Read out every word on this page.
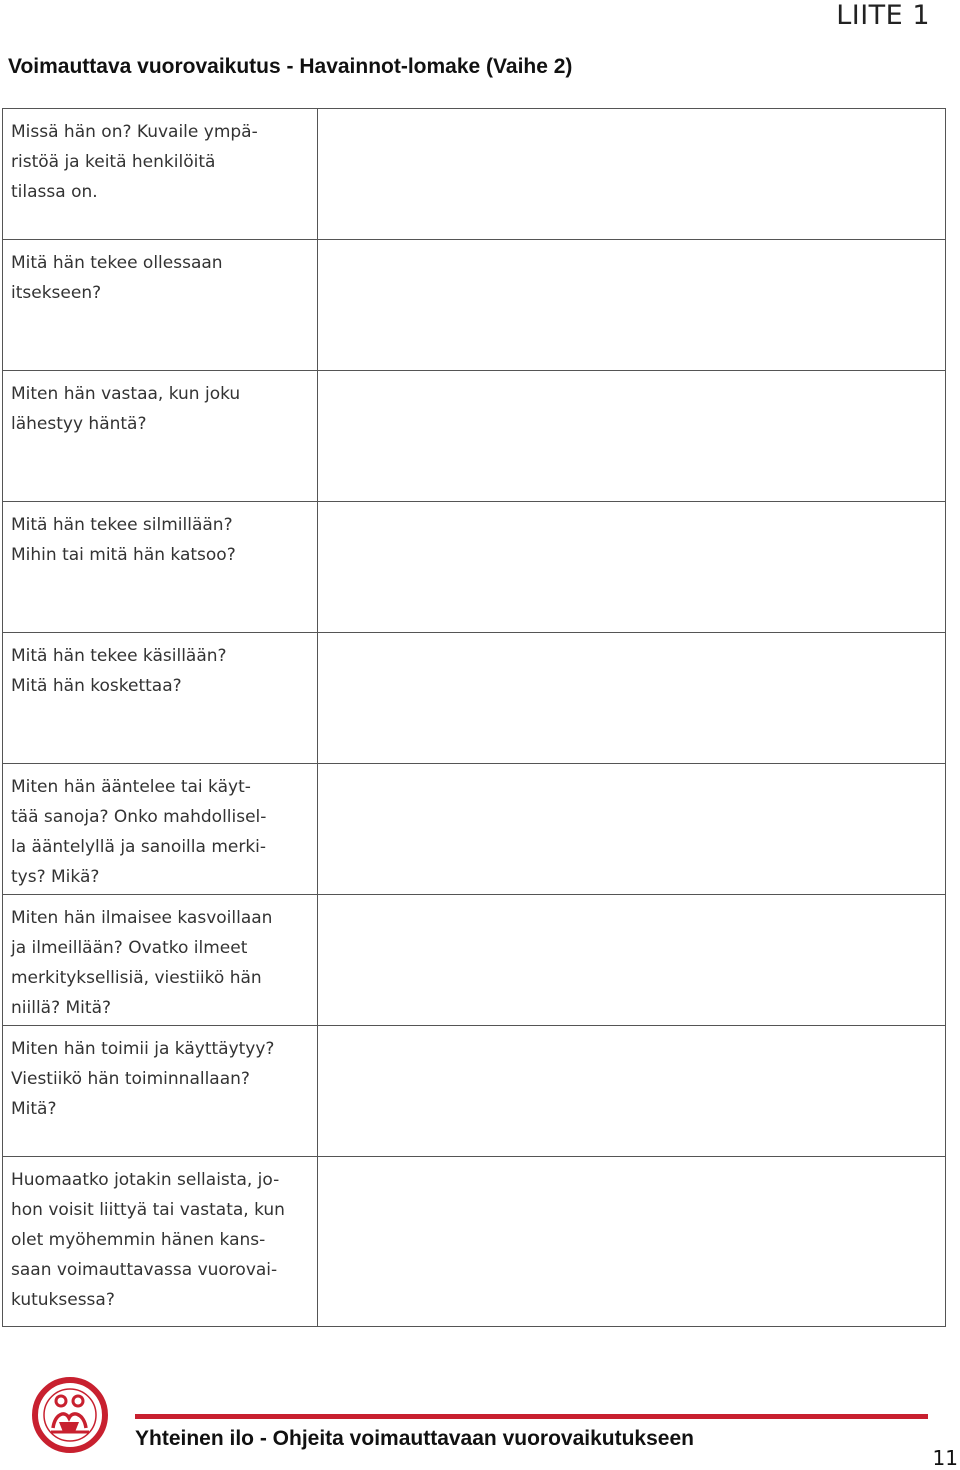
LIITE 1
Voimauttava vuorovaikutus - Havainnot-lomake (Vaihe 2)
Missä hän on? Kuvaile ympä-
ristöä ja keitä henkilöitä
tilassa on.	

Mitä hän tekee ollessaan
itsekseen?	

Miten hän vastaa, kun joku
lähestyy häntä?	

Mitä hän tekee silmillään?
Mihin tai mitä hän katsoo?	

Mitä hän tekee käsillään?
Mitä hän koskettaa?	

Miten hän ääntelee tai käyt-
tää sanoja? Onko mahdollisel-
la ääntelyllä ja sanoilla merki-
tys? Mikä?	

Miten hän ilmaisee kasvoillaan
ja ilmeillään? Ovatko ilmeet
merkityksellisiä, viestiikö hän
niillä? Mitä?	

Miten hän toimii ja käyttäytyy?
Viestiikö hän toiminnallaan?
Mitä?	

Huomaatko jotakin sellaista, jo-
hon voisit liittyä tai vastata, kun
olet myöhemmin hänen kans-
saan voimauttavassa vuorovai-
kutuksessa?	

Yhteinen ilo - Ohjeita voimauttavaan vuorovaikutukseen
11
